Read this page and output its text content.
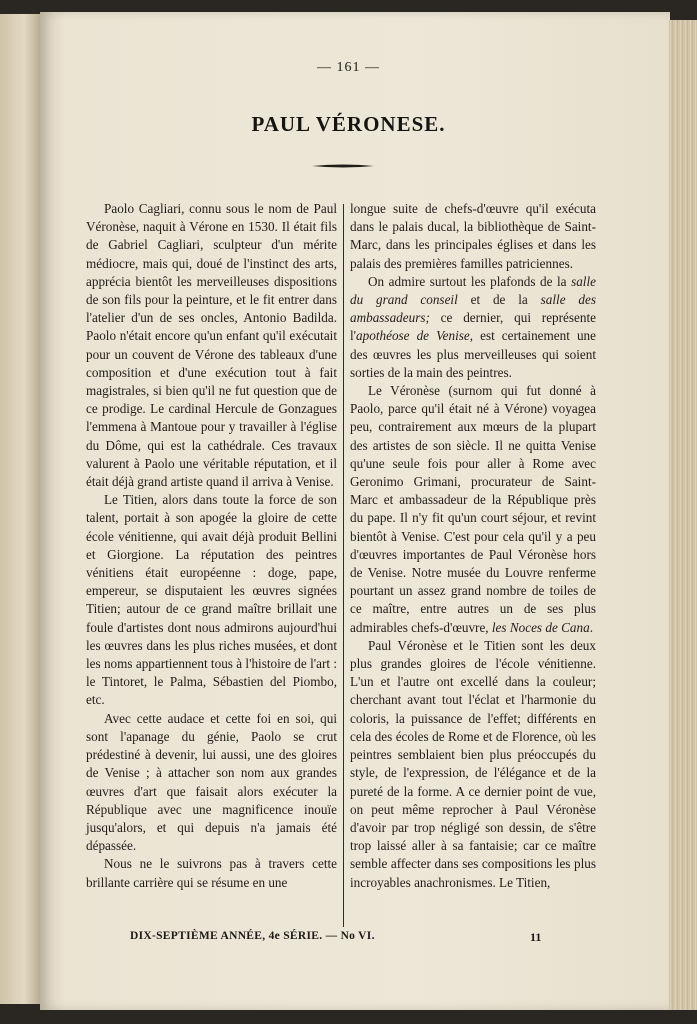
— 161 —
PAUL VÉRONESE.

Paolo Cagliari, connu sous le nom de Paul Véronèse, naquit à Vérone en 1530. Il était fils de Gabriel Cagliari, sculpteur d'un mérite médiocre, mais qui, doué de l'instinct des arts, apprécia bientôt les merveilleuses dispositions de son fils pour la peinture, et le fit entrer dans l'atelier d'un de ses oncles, Antonio Badilda. Paolo n'était encore qu'un enfant qu'il exécutait pour un couvent de Vérone des tableaux d'une composition et d'une exécution tout à fait magistrales, si bien qu'il ne fut question que de ce prodige. Le cardinal Hercule de Gonzagues l'emmena à Mantoue pour y travailler à l'église du Dôme, qui est la cathédrale. Ces travaux valurent à Paolo une véritable réputation, et il était déjà grand artiste quand il arriva à Venise.

Le Titien, alors dans toute la force de son talent, portait à son apogée la gloire de cette école vénitienne, qui avait déjà produit Bellini et Giorgione. La réputation des peintres vénitiens était européenne : doge, pape, empereur, se disputaient les œuvres signées Titien; autour de ce grand maître brillait une foule d'artistes dont nous admirons aujourd'hui les œuvres dans les plus riches musées, et dont les noms appartiennent tous à l'histoire de l'art : le Tintoret, le Palma, Sébastien del Piombo, etc.

Avec cette audace et cette foi en soi, qui sont l'apanage du génie, Paolo se crut prédestiné à devenir, lui aussi, une des gloires de Venise ; à attacher son nom aux grandes œuvres d'art que faisait alors exécuter la République avec une magnificence inouïe jusqu'alors, et qui depuis n'a jamais été dépassée.

Nous ne le suivrons pas à travers cette brillante carrière qui se résume en une

longue suite de chefs-d'œuvre qu'il exécuta dans le palais ducal, la bibliothèque de Saint-Marc, dans les principales églises et dans les palais des premières familles patriciennes.

On admire surtout les plafonds de la salle du grand conseil et de la salle des ambassadeurs; ce dernier, qui représente l'apothéose de Venise, est certainement une des œuvres les plus merveilleuses qui soient sorties de la main des peintres.

Le Véronèse (surnom qui fut donné à Paolo, parce qu'il était né à Vérone) voyagea peu, contrairement aux mœurs de la plupart des artistes de son siècle. Il ne quitta Venise qu'une seule fois pour aller à Rome avec Geronimo Grimani, procurateur de Saint-Marc et ambassadeur de la République près du pape. Il n'y fit qu'un court séjour, et revint bientôt à Venise. C'est pour cela qu'il y a peu d'œuvres importantes de Paul Véronèse hors de Venise. Notre musée du Louvre renferme pourtant un assez grand nombre de toiles de ce maître, entre autres un de ses plus admirables chefs-d'œuvre, les Noces de Cana.

Paul Véronèse et le Titien sont les deux plus grandes gloires de l'école vénitienne. L'un et l'autre ont excellé dans la couleur; cherchant avant tout l'éclat et l'harmonie du coloris, la puissance de l'effet; différents en cela des écoles de Rome et de Florence, où les peintres semblaient bien plus préoccupés du style, de l'expression, de l'élégance et de la pureté de la forme. A ce dernier point de vue, on peut même reprocher à Paul Véronèse d'avoir par trop négligé son dessin, de s'être trop laissé aller à sa fantaisie; car ce maître semble affecter dans ses compositions les plus incroyables anachronismes. Le Titien,

DIX-SEPTIÈME ANNÉE, 4e SÉRIE. — No VI.	11
